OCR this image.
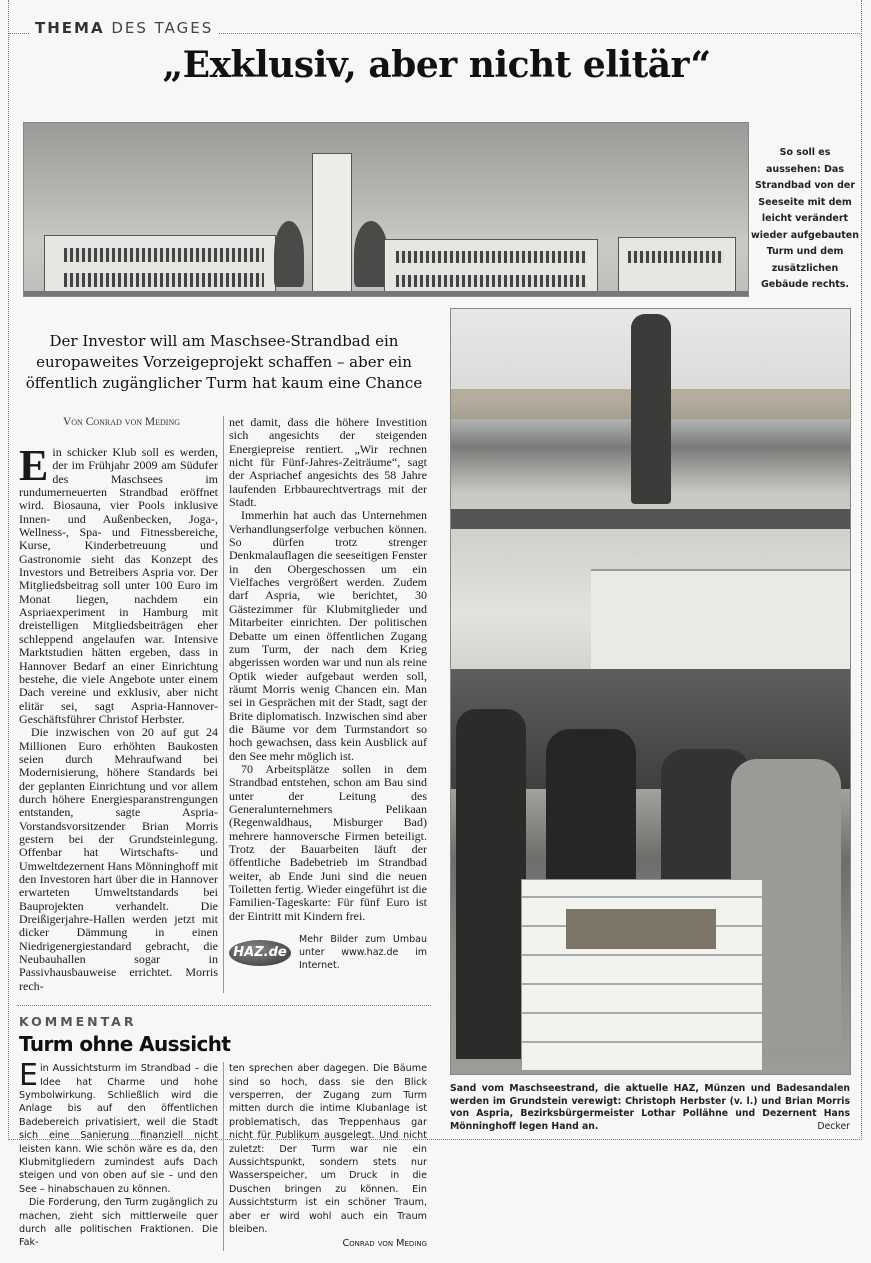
THEMA DES TAGES
„Exklusiv, aber nicht elitär“
So soll es aussehen: Das Strandbad von der Seeseite mit dem leicht verändert wieder aufgebauten Turm und dem zusätzlichen Gebäude rechts.
Der Investor will am Maschsee-Strandbad ein europaweites Vorzeigeprojekt schaffen – aber ein öffentlich zugänglicher Turm hat kaum eine Chance
Von Conrad von Meding

Ein schicker Klub soll es werden, der im Frühjahr 2009 am Südufer des Maschsees im rundumerneuerten Strandbad eröffnet wird. Biosauna, vier Pools inklusive Innen- und Außenbecken, Joga-, Wellness-, Spa- und Fitnessbereiche, Kurse, Kinderbetreuung und Gastronomie sieht das Konzept des Investors und Betreibers Aspria vor. Der Mitgliedsbeitrag soll unter 100 Euro im Monat liegen, nachdem ein Aspriaexperiment in Hamburg mit dreistelligen Mitgliedsbeiträgen eher schleppend angelaufen war. Intensive Marktstudien hätten ergeben, dass in Hannover Bedarf an einer Einrichtung bestehe, die viele Angebote unter einem Dach vereine und exklusiv, aber nicht elitär sei, sagt Aspria-Hannover-Geschäftsführer Christof Herbster.

Die inzwischen von 20 auf gut 24 Millionen Euro erhöhten Baukosten seien durch Mehraufwand bei Modernisierung, höhere Standards bei der geplanten Einrichtung und vor allem durch höhere Energiesparanstrengungen entstanden, sagte Aspria-Vorstandsvorsitzender Brian Morris gestern bei der Grundsteinlegung. Offenbar hat Wirtschafts- und Umweltdezernent Hans Mönninghoff mit den Investoren hart über die in Hannover erwarteten Umweltstandards bei Bauprojekten verhandelt. Die Dreißigerjahre-Hallen werden jetzt mit dicker Dämmung in einen Niedrigenergiestandard gebracht, die Neubauhallen sogar in Passivhausbauweise errichtet. Morris rech-

net damit, dass die höhere Investition sich angesichts der steigenden Energiepreise rentiert. „Wir rechnen nicht für Fünf-Jahres-Zeiträume“, sagt der Aspriachef angesichts des 58 Jahre laufenden Erbbaurechtvertrags mit der Stadt.

Immerhin hat auch das Unternehmen Verhandlungserfolge verbuchen können. So dürfen trotz strenger Denkmalauflagen die seeseitigen Fenster in den Obergeschossen um ein Vielfaches vergrößert werden. Zudem darf Aspria, wie berichtet, 30 Gästezimmer für Klubmitglieder und Mitarbeiter einrichten. Der politischen Debatte um einen öffentlichen Zugang zum Turm, der nach dem Krieg abgerissen worden war und nun als reine Optik wieder aufgebaut werden soll, räumt Morris wenig Chancen ein. Man sei in Gesprächen mit der Stadt, sagt der Brite diplomatisch. Inzwischen sind aber die Bäume vor dem Turmstandort so hoch gewachsen, dass kein Ausblick auf den See mehr möglich ist.

70 Arbeitsplätze sollen in dem Strandbad entstehen, schon am Bau sind unter der Leitung des Generalunternehmers Pelikaan (Regenwaldhaus, Misburger Bad) mehrere hannoversche Firmen beteiligt. Trotz der Bauarbeiten läuft der öffentliche Badebetrieb im Strandbad weiter, ab Ende Juni sind die neuen Toiletten fertig. Wieder eingeführt ist die Familien-Tageskarte: Für fünf Euro ist der Eintritt mit Kindern frei.

HAZ.de
Mehr Bilder zum Umbau unter www.haz.de im Internet.
KOMMENTAR
Turm ohne Aussicht

Ein Aussichtsturm im Strandbad – die Idee hat Charme und hohe Symbolwirkung. Schließlich wird die Anlage bis auf den öffentlichen Badebereich privatisiert, weil die Stadt sich eine Sanierung finanziell nicht leisten kann. Wie schön wäre es da, den Klubmitgliedern zumindest aufs Dach steigen und von oben auf sie – und den See – hinabschauen zu können.

Die Forderung, den Turm zugänglich zu machen, zieht sich mittlerweile quer durch alle politischen Fraktionen. Die Fak-

ten sprechen aber dagegen. Die Bäume sind so hoch, dass sie den Blick versperren, der Zugang zum Turm mitten durch die intime Klubanlage ist problematisch, das Treppenhaus gar nicht für Publikum ausgelegt. Und nicht zuletzt: Der Turm war nie ein Aussichtspunkt, sondern stets nur Wasserspeicher, um Druck in die Duschen bringen zu können. Ein Aussichtsturm ist ein schöner Traum, aber er wird wohl auch ein Traum bleiben.

Conrad von Meding
Sand vom Maschseestrand, die aktuelle HAZ, Münzen und Badesandalen werden im Grundstein verewigt: Christoph Herbster (v. l.) und Brian Morris von Aspria, Bezirksbürgermeister Lothar Pollähne und Dezernent Hans Mönninghoff legen Hand an.	Decker
